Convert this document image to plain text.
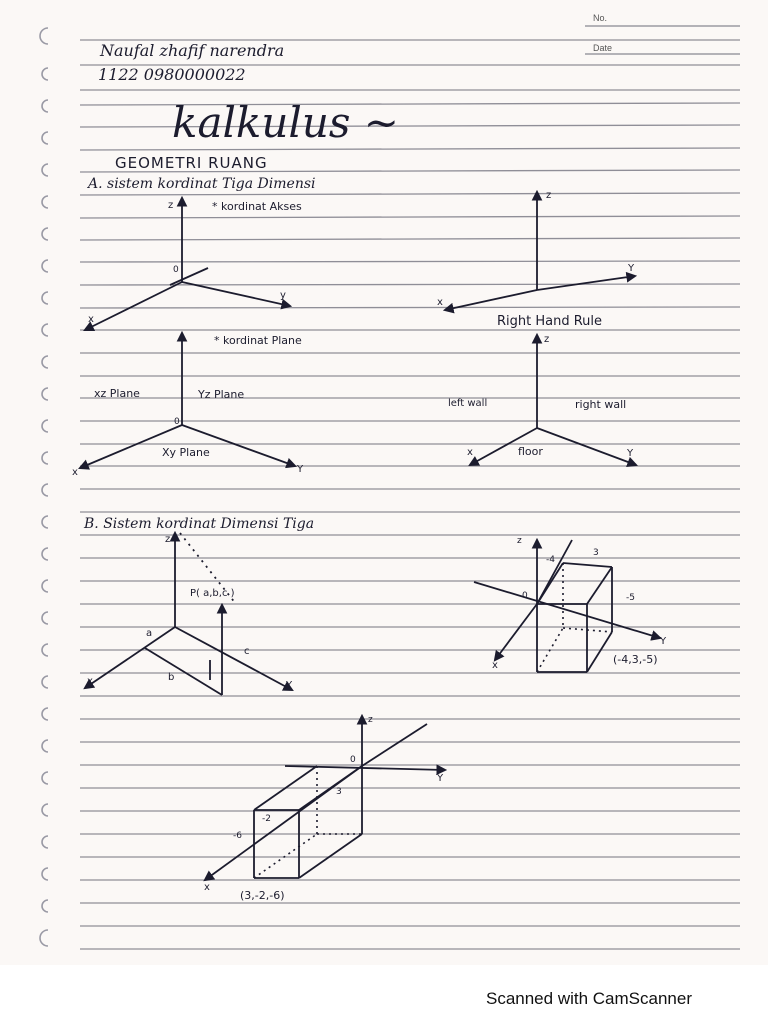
No.
Date
Naufal zhafif narendra
1122 0980000022
kalkulus ~
GEOMETRI RUANG
A. sistem kordinat Tiga Dimensi
B. Sistem kordinat Dimensi Tiga
* kordinat Akses
z
y
x
0
z
Y
x
Right Hand Rule
* kordinat Plane
xz Plane	Yz Plane
Xy Plane
0
x	Y
z
left wall	right wall
floor
x	Y
z
P( a,b,c )
a
b
c
x	Y
z
-4
3
-5
0
x
Y
(-4,3,-5)
z
0
Y
x
-2
3
-6
(3,-2,-6)
Scanned with CamScanner
